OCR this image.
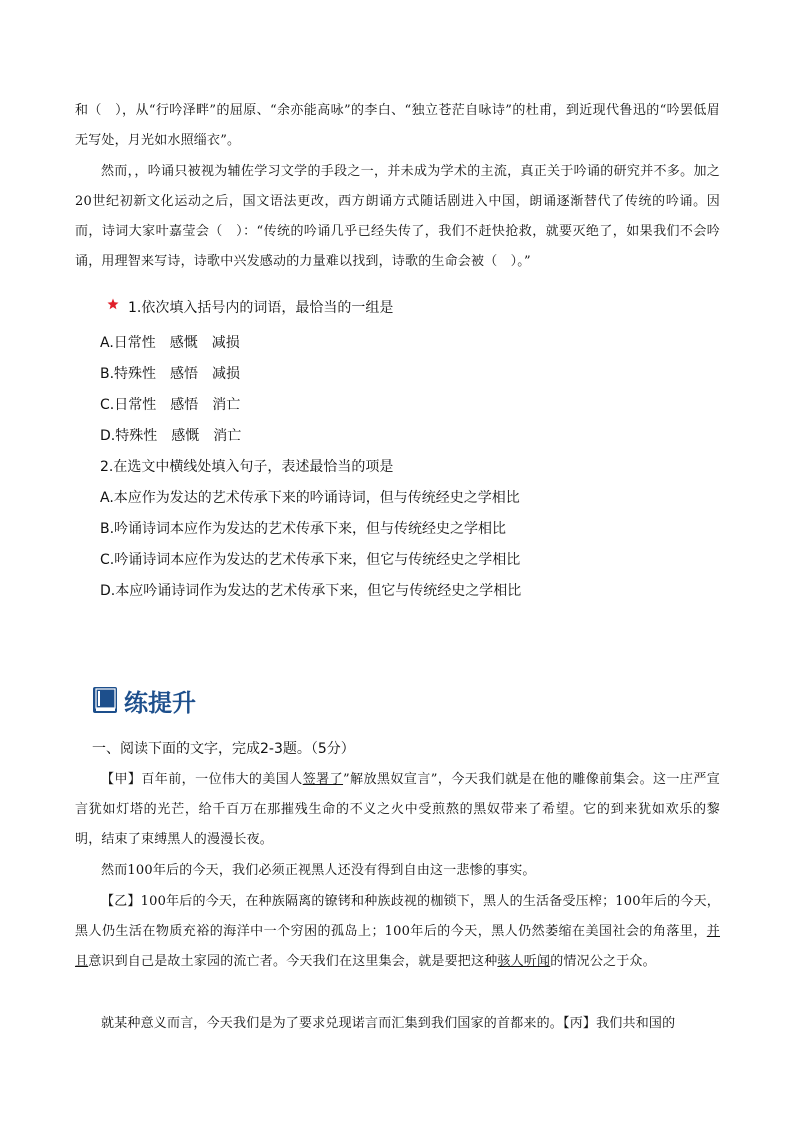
和（　），从“行吟泽畔”的屈原、“余亦能高咏”的李白、“独立苍茫自咏诗”的杜甫，到近现代鲁迅的“吟罢低眉无写处，月光如水照缁衣”。

然而，，吟诵只被视为辅佐学习文学的手段之一，并未成为学术的主流，真正关于吟诵的研究并不多。加之20世纪初新文化运动之后，国文语法更改，西方朗诵方式随话剧进入中国，朗诵逐渐替代了传统的吟诵。因而，诗词大家叶嘉莹会（　）：“传统的吟诵几乎已经失传了，我们不赶快抢救，就要灭绝了，如果我们不会吟诵，用理智来写诗，诗歌中兴发感动的力量难以找到，诗歌的生命会被（　）。”

1.依次填入括号内的词语，最恰当的一组是
A.日常性　感慨　减损
B.特殊性　感悟　减损
C.日常性　感悟　消亡
D.特殊性　感慨　消亡
2.在选文中横线处填入句子，表述最恰当的项是
A.本应作为发达的艺术传承下来的吟诵诗词，但与传统经史之学相比
B.吟诵诗词本应作为发达的艺术传承下来，但与传统经史之学相比
C.吟诵诗词本应作为发达的艺术传承下来，但它与传统经史之学相比
D.本应吟诵诗词作为发达的艺术传承下来，但它与传统经史之学相比
练提升
一、阅读下面的文字，完成2-3题。（5分）

【甲】百年前，一位伟大的美国人签署了”解放黑奴宣言”，今天我们就是在他的雕像前集会。这一庄严宣言犹如灯塔的光芒，给千百万在那摧残生命的不义之火中受煎熬的黑奴带来了希望。它的到来犹如欢乐的黎明，结束了束缚黑人的漫漫长夜。

然而100年后的今天，我们必须正视黑人还没有得到自由这一悲惨的事实。

【乙】100年后的今天，在种族隔离的镣铐和种族歧视的枷锁下，黑人的生活备受压榨；100年后的今天，黑人仍生活在物质充裕的海洋中一个穷困的孤岛上；100年后的今天，黑人仍然萎缩在美国社会的角落里，并且意识到自己是故土家园的流亡者。今天我们在这里集会，就是要把这种骇人听闻的情况公之于众。

就某种意义而言，今天我们是为了要求兑现诺言而汇集到我们国家的首都来的。【丙】我们共和国的
